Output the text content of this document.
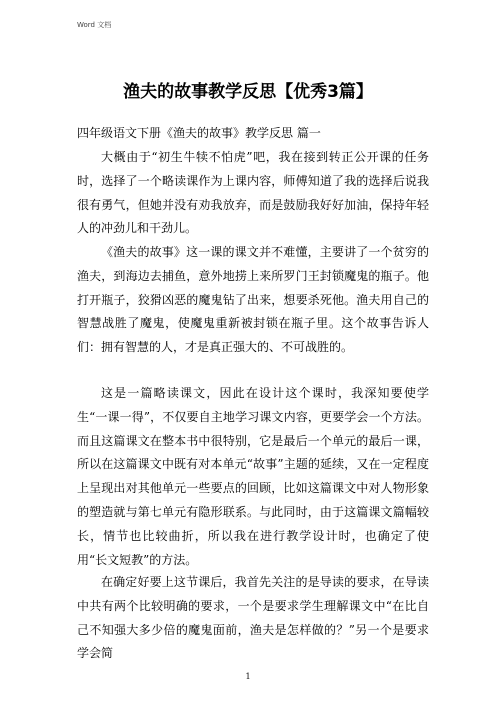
Word 文档
渔夫的故事教学反思【优秀3篇】
四年级语文下册《渔夫的故事》教学反思 篇一

大概由于“初生牛犊不怕虎”吧，我在接到转正公开课的任务时，选择了一个略读课作为上课内容，师傅知道了我的选择后说我很有勇气，但她并没有劝我放弃，而是鼓励我好好加油，保持年轻人的冲劲儿和干劲儿。

《渔夫的故事》这一课的课文并不难懂，主要讲了一个贫穷的渔夫，到海边去捕鱼，意外地捞上来所罗门王封锁魔鬼的瓶子。他打开瓶子，狡猾凶恶的魔鬼钻了出来，想要杀死他。渔夫用自己的智慧战胜了魔鬼，使魔鬼重新被封锁在瓶子里。这个故事告诉人们：拥有智慧的人，才是真正强大的、不可战胜的。

这是一篇略读课文，因此在设计这个课时，我深知要使学生“一课一得”，不仅要自主地学习课文内容，更要学会一个方法。而且这篇课文在整本书中很特别，它是最后一个单元的最后一课，所以在这篇课文中既有对本单元“故事”主题的延续，又在一定程度上呈现出对其他单元一些要点的回顾，比如这篇课文中对人物形象的塑造就与第七单元有隐形联系。与此同时，由于这篇课文篇幅较长，情节也比较曲折，所以我在进行教学设计时，也确定了使用“长文短教”的方法。

在确定好要上这节课后，我首先关注的是导读的要求，在导读中共有两个比较明确的要求，一个是要求学生理解课文中“在比自己不知强大多少倍的魔鬼面前，渔夫是怎样做的？”另一个是要求学会简

1
